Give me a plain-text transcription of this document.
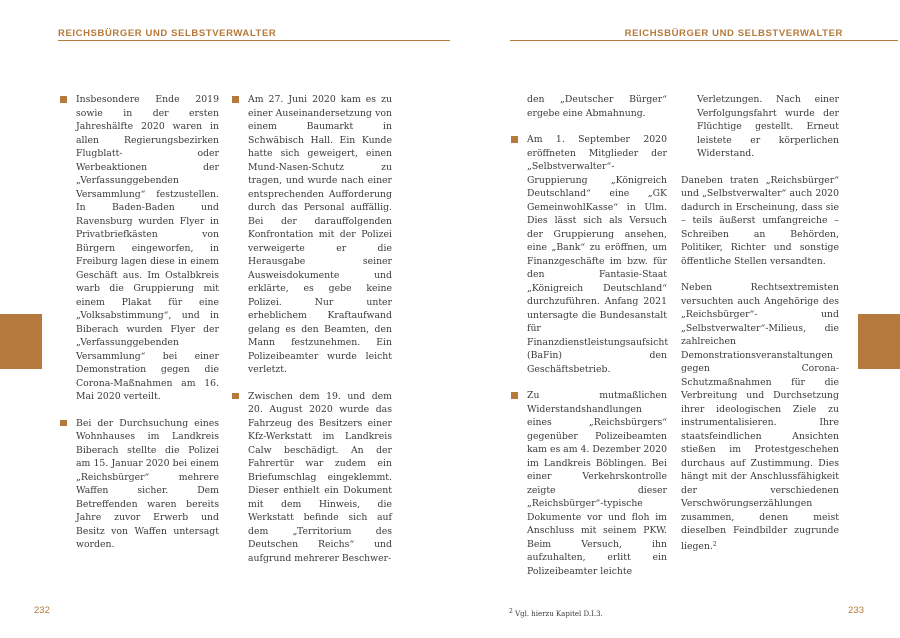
REICHSBÜRGER UND SELBSTVERWALTER

Insbesondere Ende 2019 sowie in der ersten Jahreshälfte 2020 waren in allen Regierungsbezirken Flugblatt- oder Werbeaktionen der „Verfassunggebenden Versammlung“ festzustellen. In Baden-Baden und Ravensburg wurden Flyer in Privatbriefkästen von Bürgern eingeworfen, in Freiburg lagen diese in einem Geschäft aus. Im Ostalbkreis warb die Gruppierung mit einem Plakat für eine „Volksabstimmung“, und in Biberach wurden Flyer der „Verfassunggebenden Versammlung“ bei einer Demonstration gegen die Corona-Maßnahmen am 16. Mai 2020 verteilt.

Bei der Durchsuchung eines Wohnhauses im Landkreis Biberach stellte die Polizei am 15. Januar 2020 bei einem „Reichsbürger“ mehrere Waffen sicher. Dem Betreffenden waren bereits Jahre zuvor Erwerb und Besitz von Waffen untersagt worden.

Am 27. Juni 2020 kam es zu einer Auseinandersetzung von einem Baumarkt in Schwäbisch Hall. Ein Kunde hatte sich geweigert, einen Mund-Nasen-Schutz zu tragen, und wurde nach einer entsprechenden Aufforderung durch das Personal auffällig. Bei der darauffolgenden Konfrontation mit der Polizei verweigerte er die Herausgabe seiner Ausweisdokumente und erklärte, es gebe keine Polizei. Nur unter erheblichem Kraftaufwand gelang es den Beamten, den Mann festzunehmen. Ein Polizeibeamter wurde leicht verletzt.

Zwischen dem 19. und dem 20. August 2020 wurde das Fahrzeug des Besitzers einer Kfz-Werkstatt im Landkreis Calw beschädigt. An der Fahrertür war zudem ein Briefumschlag eingeklemmt. Dieser enthielt ein Dokument mit dem Hinweis, die Werkstatt befinde sich auf dem „Territorium des Deutschen Reichs“ und aufgrund mehrerer Beschwer-

232
REICHSBÜRGER UND SELBSTVERWALTER

den „Deutscher Bürger“ ergebe eine Abmahnung.

Am 1. September 2020 eröffneten Mitglieder der „Selbstverwalter“-Gruppierung „Königreich Deutschland“ eine „GK GemeinwohlKasse“ in Ulm. Dies lässt sich als Versuch der Gruppierung ansehen, eine „Bank“ zu eröffnen, um Finanzgeschäfte im bzw. für den Fantasie-Staat „Königreich Deutschland“ durchzuführen. Anfang 2021 untersagte die Bundesanstalt für Finanzdienstleistungsaufsicht (BaFin) den Geschäftsbetrieb.

Zu mutmaßlichen Widerstandshandlungen eines „Reichsbürgers“ gegenüber Polizeibeamten kam es am 4. Dezember 2020 im Landkreis Böblingen. Bei einer Verkehrskontrolle zeigte dieser „Reichsbürger“-typische Dokumente vor und floh im Anschluss mit seinem PKW. Beim Versuch, ihn aufzuhalten, erlitt ein Polizeibeamter leichte

Verletzungen. Nach einer Verfolgungsfahrt wurde der Flüchtige gestellt. Erneut leistete er körperlichen Widerstand.

Daneben traten „Reichsbürger“ und „Selbstverwalter“ auch 2020 dadurch in Erscheinung, dass sie – teils äußerst umfangreiche – Schreiben an Behörden, Politiker, Richter und sonstige öffentliche Stellen versandten.

Neben Rechtsextremisten versuchten auch Angehörige des „Reichsbürger“- und „Selbstverwalter“-Milieus, die zahlreichen Demonstrationsveranstaltungen gegen Corona-Schutzmaßnahmen für die Verbreitung und Durchsetzung ihrer ideologischen Ziele zu instrumentalisieren. Ihre staatsfeindlichen Ansichten stießen im Protestgeschehen durchaus auf Zustimmung. Dies hängt mit der Anschlussfähigkeit der verschiedenen Verschwörungserzählungen zusammen, denen meist dieselben Feindbilder zugrunde liegen.$^2$

$^2$ Vgl. hierzu Kapitel D.I.3.	233
